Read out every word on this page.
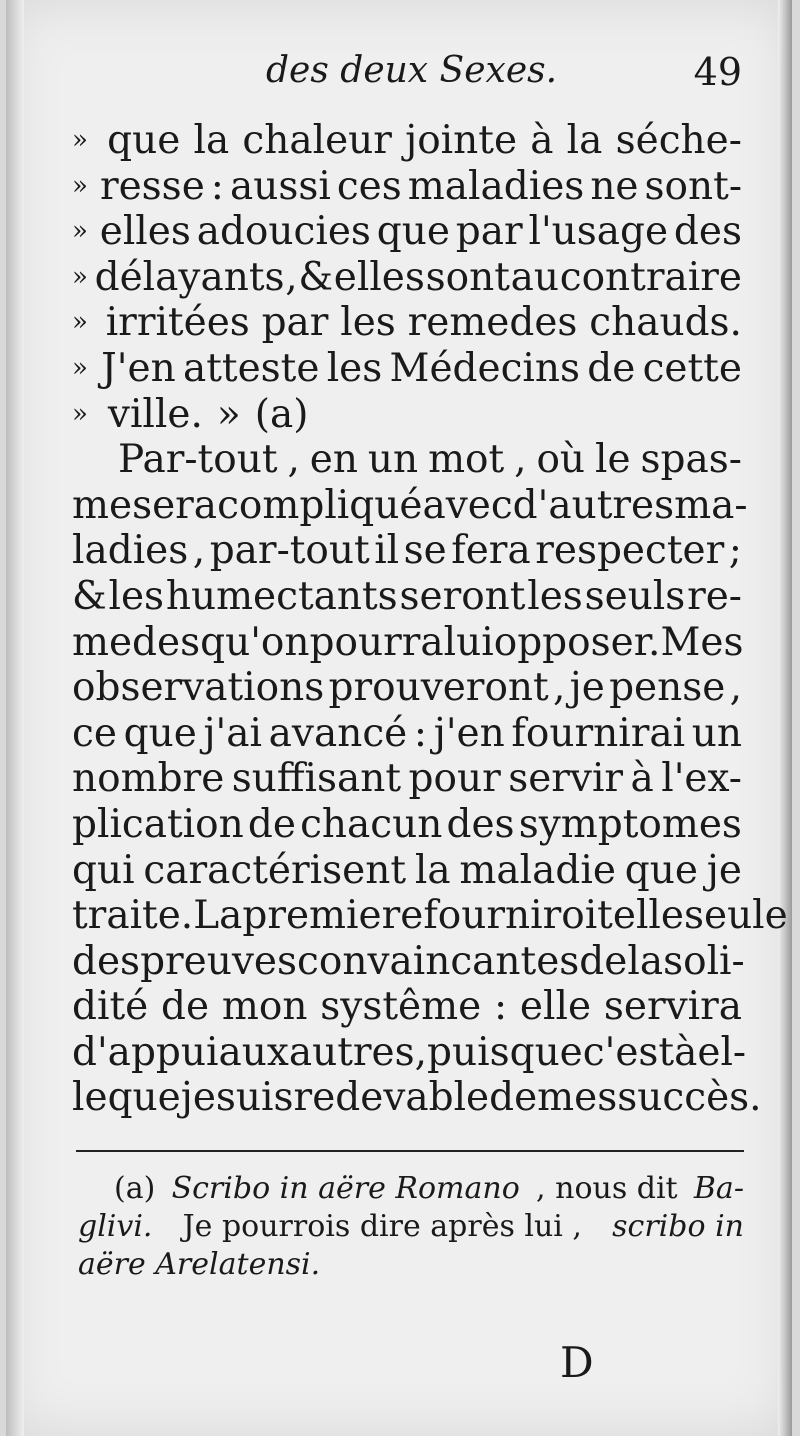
des deux Sexes.	49
» que la chaleur jointe à la séche-
» resse : aussi ces maladies ne sont-
» elles adoucies que par l'usage des
» délayants , & elles sont au contraire
» irritées par les remedes chauds.
» J'en atteste les Médecins de cette
» ville. » (a)
Par-tout , en un mot , où le spas-
me sera compliqué avec d'autres ma-
ladies , par-tout il se fera respecter ;
& les humectants seront les seuls re-
medes qu'on pourra lui opposer. Mes
observations prouveront , je pense ,
ce que j'ai avancé : j'en fournirai un
nombre suffisant pour servir à l'ex-
plication de chacun des symptomes
qui caractérisent la maladie que je
traite. La premiere fourniroit elle seule
des preuves convaincantes de la soli-
dité de mon systême : elle servira
d'appui aux autres , puisque c'est à el-
le que je suis redevable de mes succès.
(a) Scribo in aëre Romano , nous dit Ba-
glivi. Je pourrois dire après lui , scribo in
aëre Arelatensi.
D
